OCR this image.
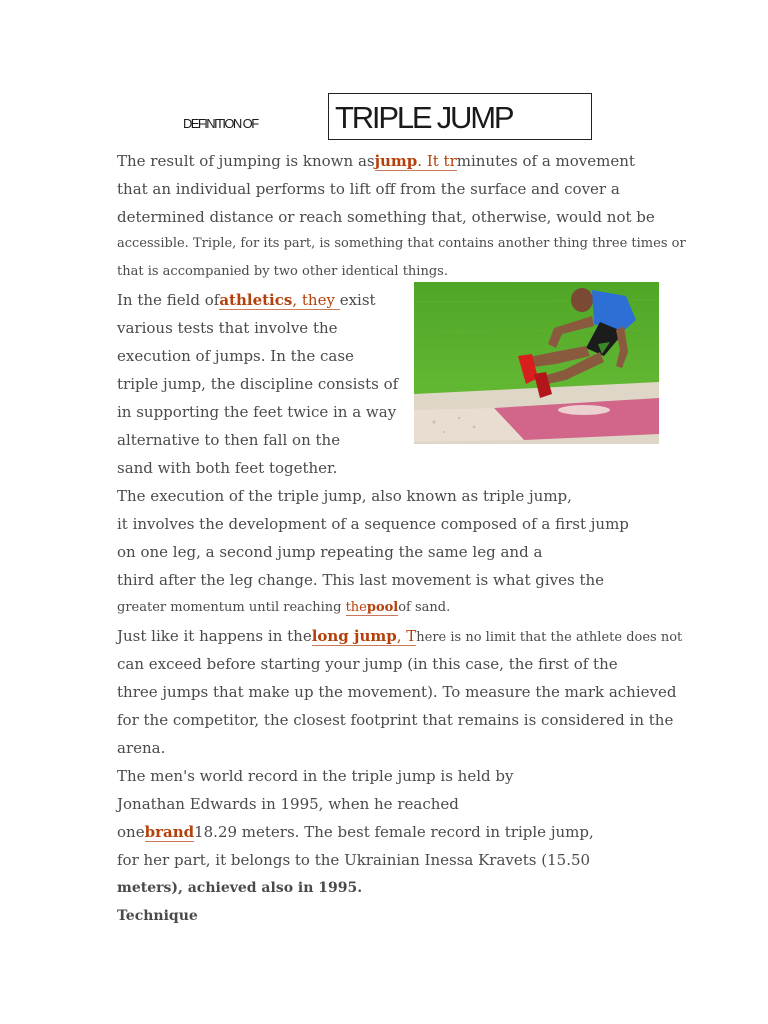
DEFINITION OF TRIPLE JUMP
The result of jumping is known asjump. It trminutes of a movement
that an individual performs to lift off from the surface and cover a
determined distance or reach something that, otherwise, would not be
accessible. Triple, for its part, is something that contains another thing three times or
that is accompanied by two other identical things.
In the field ofathletics, they exist
various tests that involve the
execution of jumps. In the case
triple jump, the discipline consists of
in supporting the feet twice in a way
alternative to then fall on the
sand with both feet together.
The execution of the triple jump, also known as triple jump,
it involves the development of a sequence composed of a first jump
on one leg, a second jump repeating the same leg and a
third after the leg change. This last movement is what gives the
greater momentum until reaching thepoolof sand.
Just like it happens in thelong jump, There is no limit that the athlete does not
can exceed before starting your jump (in this case, the first of the
three jumps that make up the movement). To measure the mark achieved
for the competitor, the closest footprint that remains is considered in the
arena.
The men's world record in the triple jump is held by
Jonathan Edwards in 1995, when he reached
onebrand18.29 meters. The best female record in triple jump,
for her part, it belongs to the Ukrainian Inessa Kravets (15.50
meters), achieved also in 1995.
Technique
